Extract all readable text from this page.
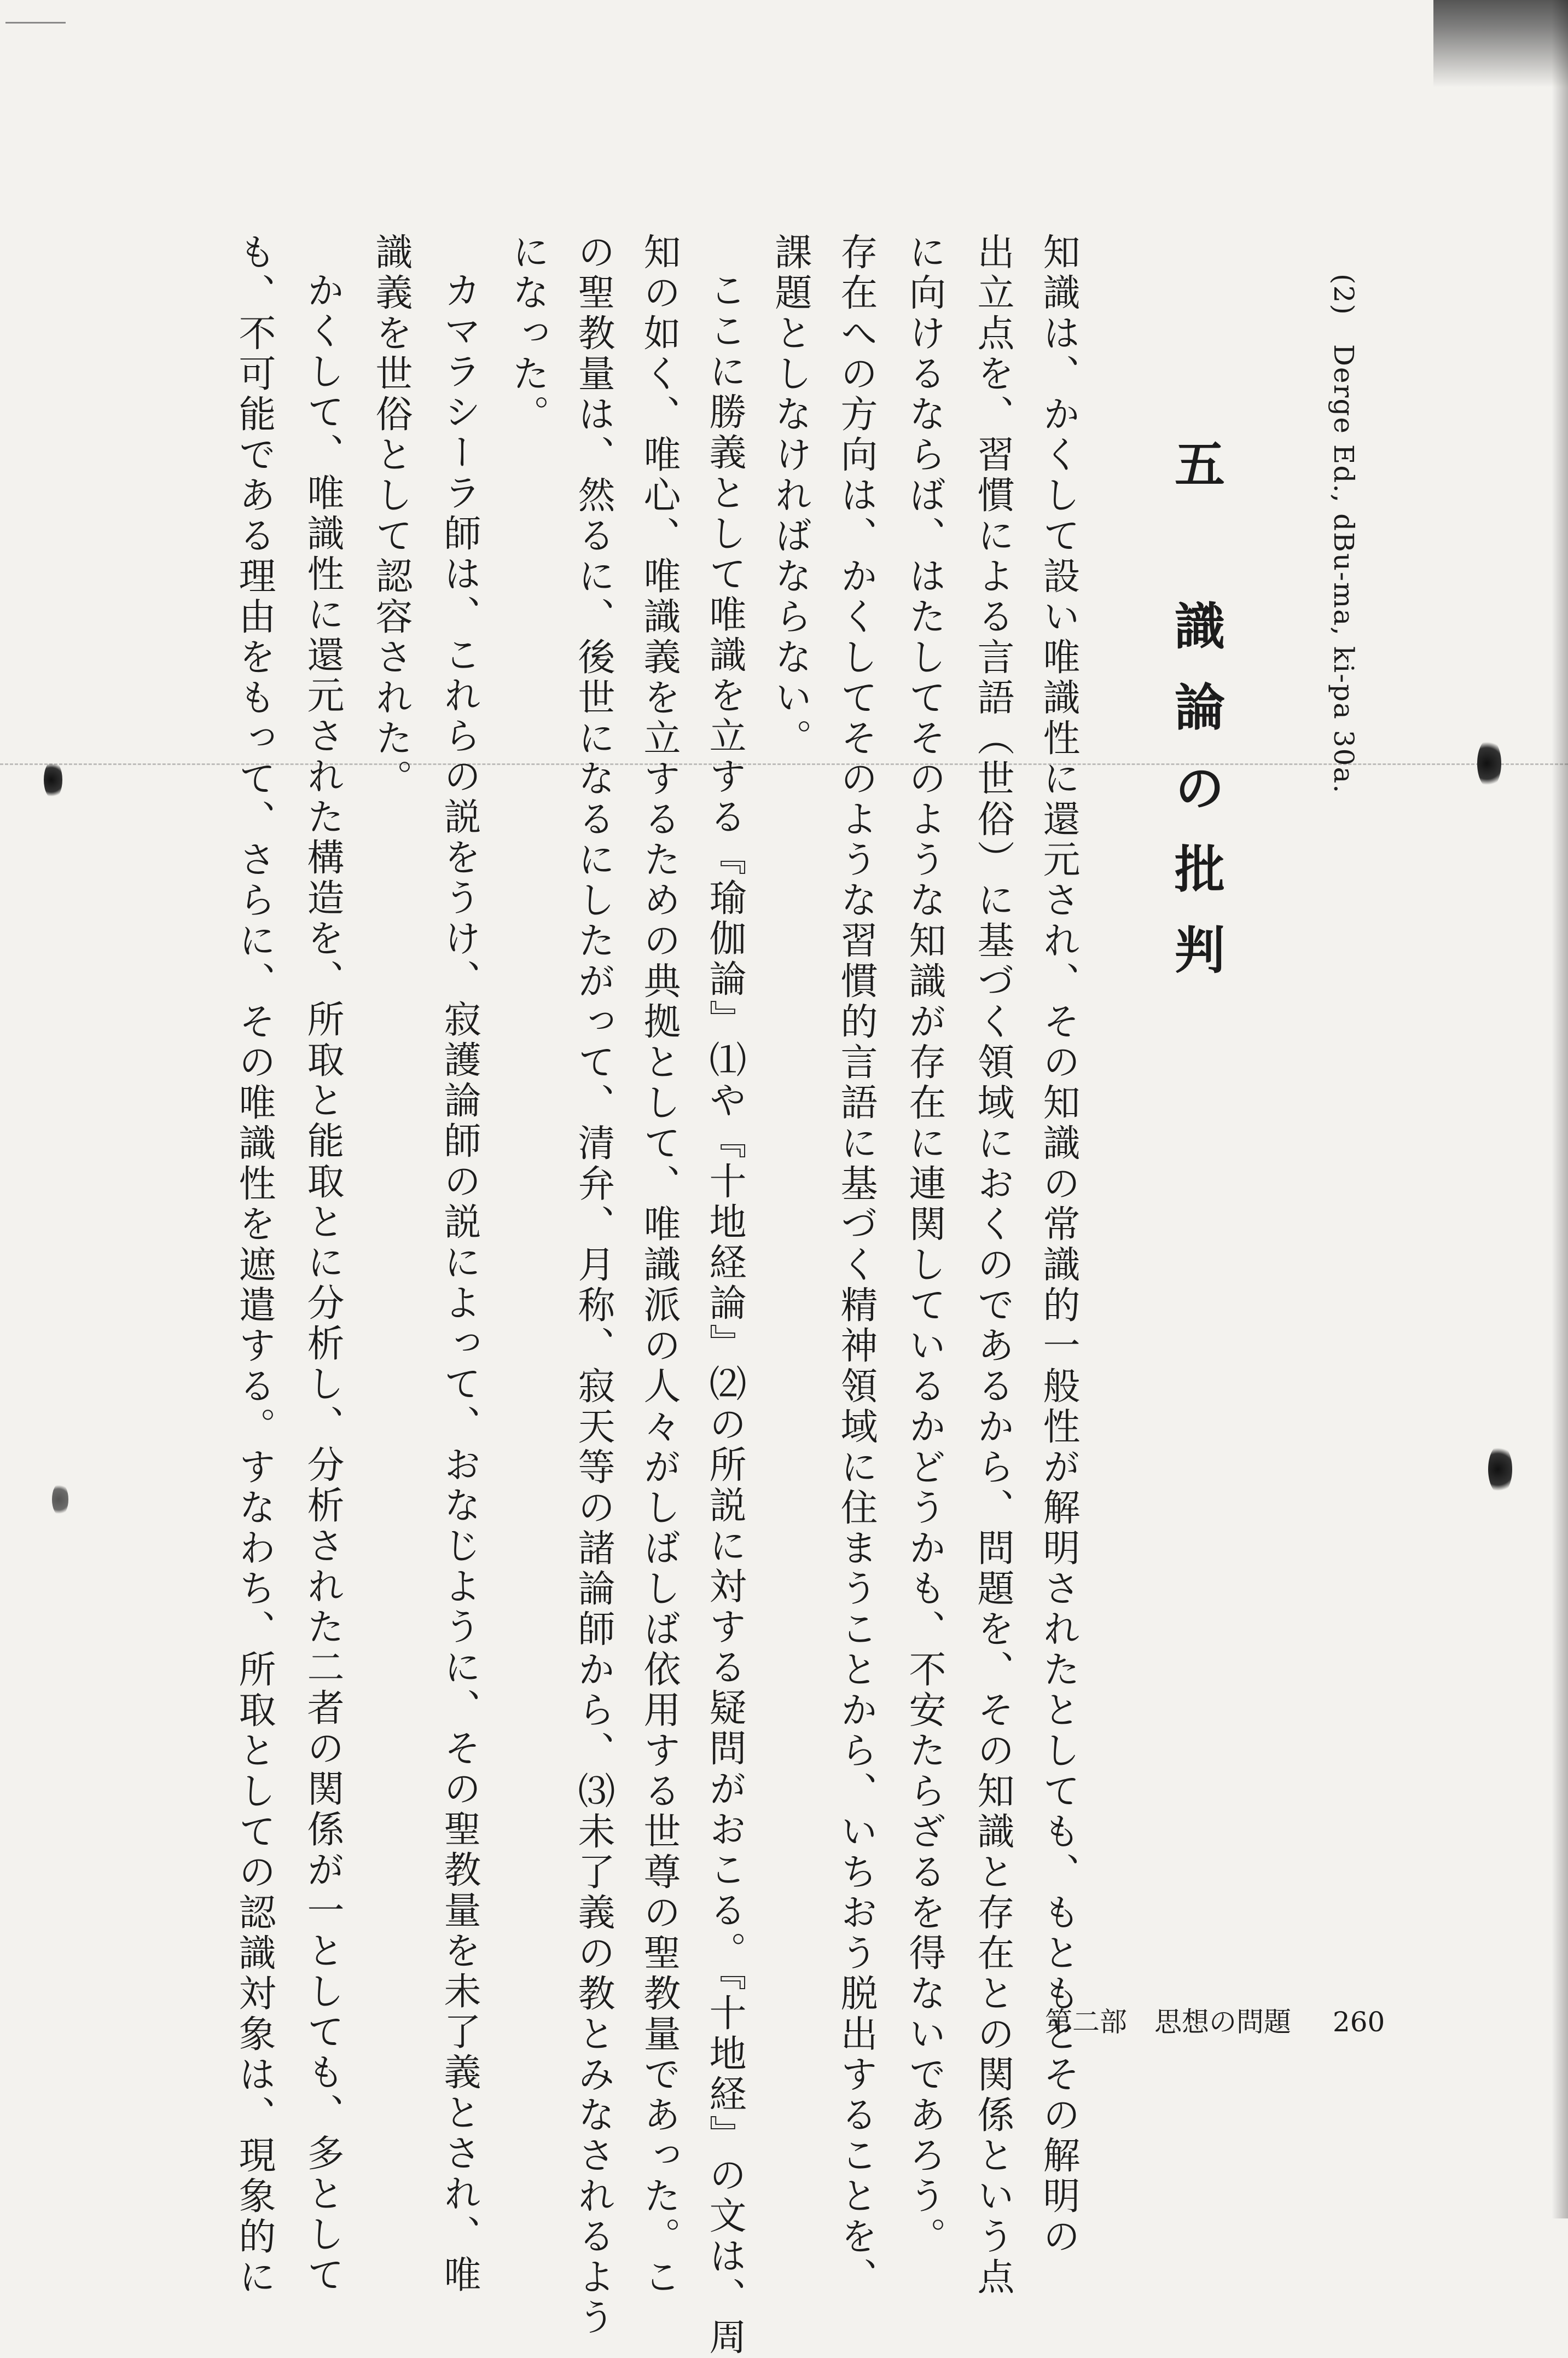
(2)　Derge Ed., dBu-ma, ki-pa 30a.
五　識論の批判
知識は、かくして設い唯識性に還元され、その知識の常識的一般性が解明されたとしても、もともとその解明の
出立点を、習慣による言語（世俗）に基づく領域におくのであるから、問題を、その知識と存在との関係という点
に向けるならば、はたしてそのような知識が存在に連関しているかどうかも、不安たらざるを得ないであろう。
存在への方向は、かくしてそのような習慣的言語に基づく精神領域に住まうことから、いちおう脱出することを、
課題としなければならない。
ここに勝義として唯識を立する『瑜伽論』⑴や『十地経論』⑵の所説に対する疑問がおこる。『十地経』の文は、周
知の如く、唯心、唯識義を立するための典拠として、唯識派の人々がしばしば依用する世尊の聖教量であった。こ
の聖教量は、然るに、後世になるにしたがって、清弁、月称、寂天等の諸論師から、⑶未了義の教とみなされるよう
になった。
カマラシーラ師は、これらの説をうけ、寂護論師の説によって、おなじように、その聖教量を未了義とされ、唯
識義を世俗として認容された。
かくして、唯識性に還元された構造を、所取と能取とに分析し、分析された二者の関係が一としても、多として
も、不可能である理由をもって、さらに、その唯識性を遮遣する。すなわち、所取としての認識対象は、現象的に	第二部　思想の問題 260
